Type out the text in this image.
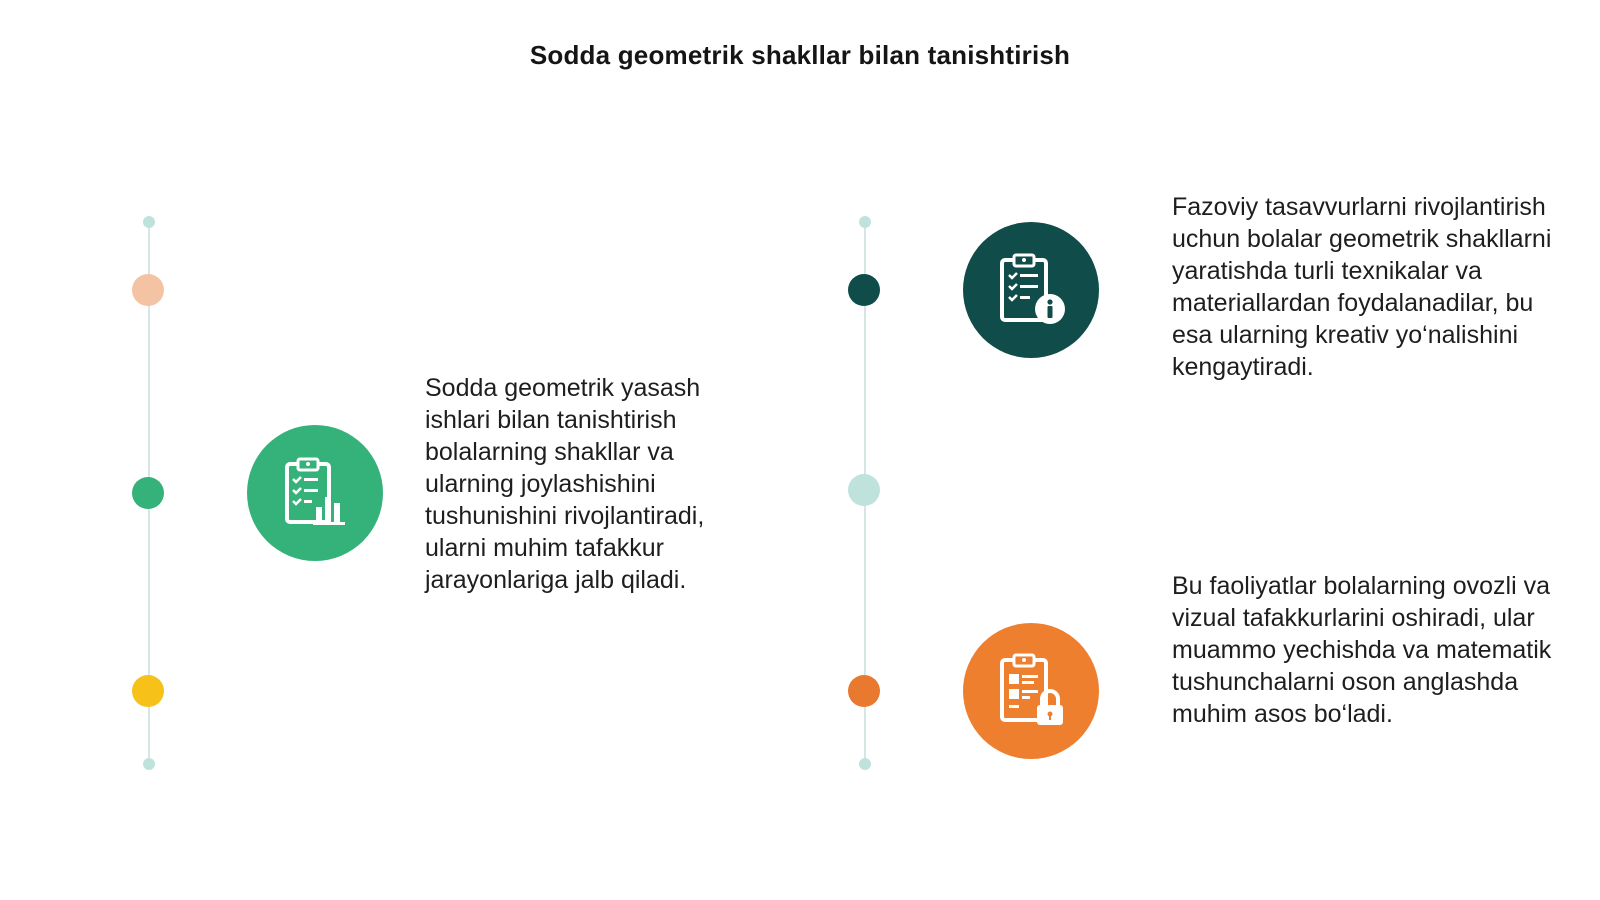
Sodda geometrik shakllar bilan tanishtirish

Sodda geometrik yasash ishlari bilan tanishtirish bolalarning shakllar va ularning joylashishini tushunishini rivojlantiradi, ularni muhim tafakkur jarayonlariga jalb qiladi.

Fazoviy tasavvurlarni rivojlantirish uchun bolalar geometrik shakllarni yaratishda turli texnikalar va materiallardan foydalanadilar, bu esa ularning kreativ yo‘nalishini kengaytiradi.

Bu faoliyatlar bolalarning ovozli va vizual tafakkurlarini oshiradi, ular muammo yechishda va matematik tushunchalarni oson anglashda muhim asos bo‘ladi.
